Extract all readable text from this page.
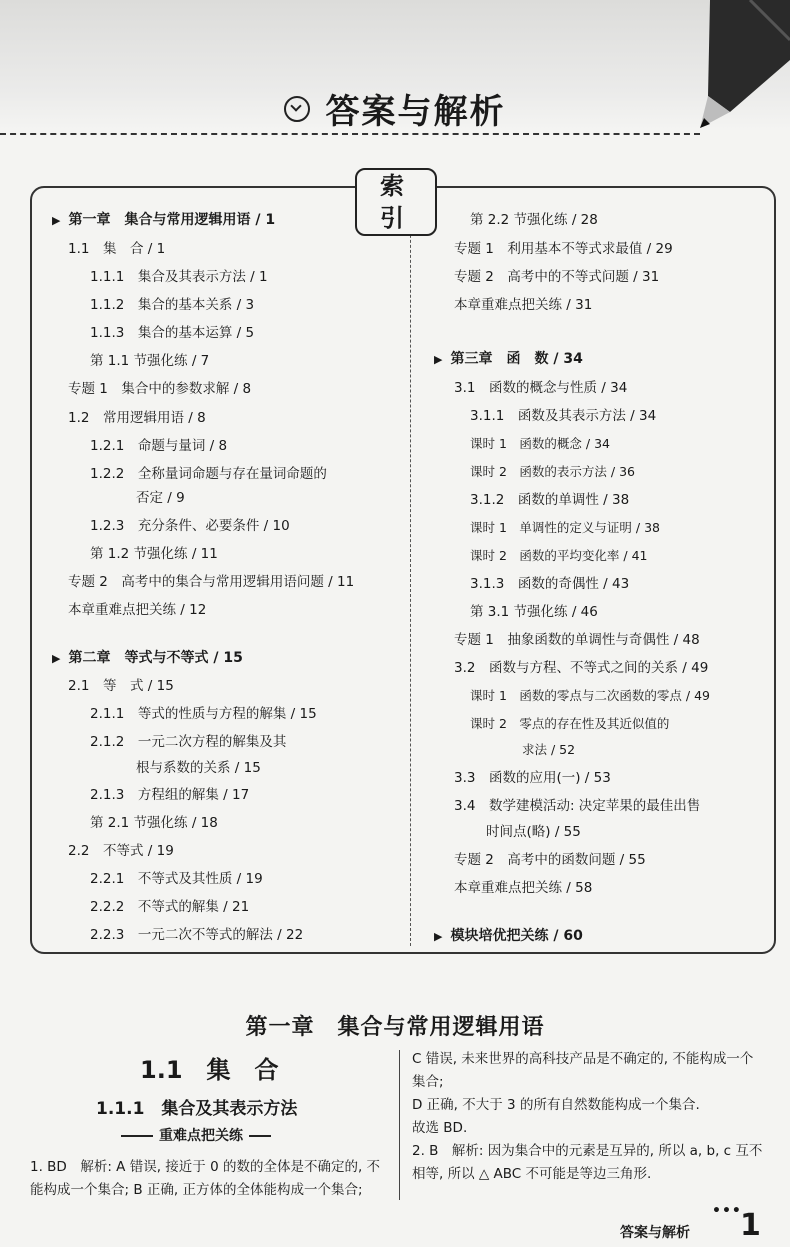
答案与解析
索引
▶ 第一章　集合与常用逻辑用语 / 1
1.1　集　合 / 1
1.1.1　集合及其表示方法 / 1
1.1.2　集合的基本关系 / 3
1.1.3　集合的基本运算 / 5
第 1.1 节强化练 / 7
专题 1　集合中的参数求解 / 8
1.2　常用逻辑用语 / 8
1.2.1　命题与量词 / 8
1.2.2　全称量词命题与存在量词命题的
否定 / 9
1.2.3　充分条件、必要条件 / 10
第 1.2 节强化练 / 11
专题 2　高考中的集合与常用逻辑用语问题 / 11
本章重难点把关练 / 12
▶ 第二章　等式与不等式 / 15
2.1　等　式 / 15
2.1.1　等式的性质与方程的解集 / 15
2.1.2　一元二次方程的解集及其
根与系数的关系 / 15
2.1.3　方程组的解集 / 17
第 2.1 节强化练 / 18
2.2　不等式 / 19
2.2.1　不等式及其性质 / 19
2.2.2　不等式的解集 / 21
2.2.3　一元二次不等式的解法 / 22
第 2.2 节强化练 / 28
专题 1　利用基本不等式求最值 / 29
专题 2　高考中的不等式问题 / 31
本章重难点把关练 / 31
▶ 第三章　函　数 / 34
3.1　函数的概念与性质 / 34
3.1.1　函数及其表示方法 / 34
课时 1　函数的概念 / 34
课时 2　函数的表示方法 / 36
3.1.2　函数的单调性 / 38
课时 1　单调性的定义与证明 / 38
课时 2　函数的平均变化率 / 41
3.1.3　函数的奇偶性 / 43
第 3.1 节强化练 / 46
专题 1　抽象函数的单调性与奇偶性 / 48
3.2　函数与方程、不等式之间的关系 / 49
课时 1　函数的零点与二次函数的零点 / 49
课时 2　零点的存在性及其近似值的
求法 / 52
3.3　函数的应用(一) / 53
3.4　数学建模活动: 决定苹果的最佳出售
时间点(略) / 55
专题 2　高考中的函数问题 / 55
本章重难点把关练 / 58
▶ 模块培优把关练 / 60
第一章　集合与常用逻辑用语
1.1　集　合
1.1.1　集合及其表示方法
重难点把关练
1. BD　解析: A 错误, 接近于 0 的数的全体是不确定的, 不
能构成一个集合; B 正确, 正方体的全体能构成一个集合;
C 错误, 未来世界的高科技产品是不确定的, 不能构成一个
集合;
D 正确, 不大于 3 的所有自然数能构成一个集合.
故选 BD.
2. B　解析: 因为集合中的元素是互异的, 所以 a, b, c 互不
相等, 所以 △ ABC 不可能是等边三角形.
•••
答案与解析 1
